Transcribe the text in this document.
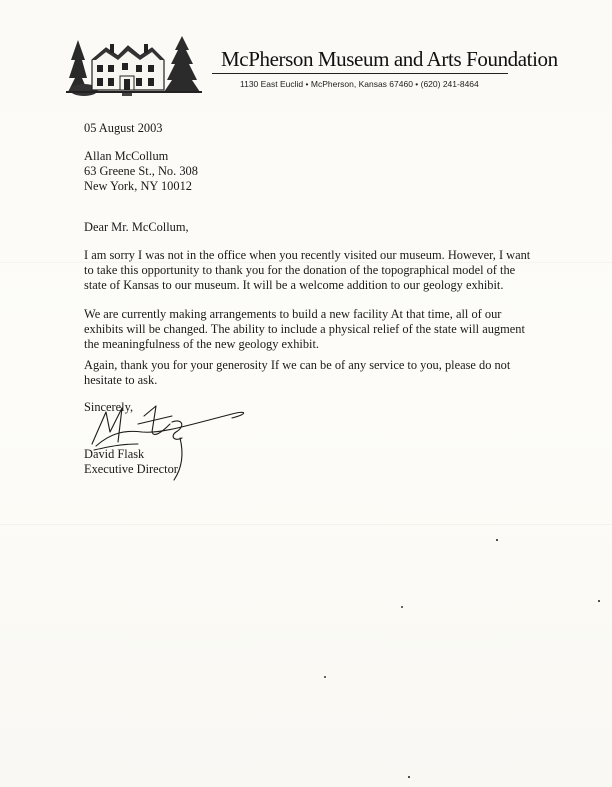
McPherson Museum and Arts Foundation
1130 East Euclid • McPherson, Kansas 67460 • (620) 241-8464
05 August 2003
Allan McCollum
63 Greene St., No. 308
New York, NY 10012
Dear Mr. McCollum,
I am sorry I was not in the office when you recently visited our museum. However, I want
to take this opportunity to thank you for the donation of the topographical model of the
state of Kansas to our museum. It will be a welcome addition to our geology exhibit.
We are currently making arrangements to build a new facility At that time, all of our
exhibits will be changed. The ability to include a physical relief of the state will augment
the meaningfulness of the new geology exhibit.
Again, thank you for your generosity If we can be of any service to you, please do not
hesitate to ask.
Sincerely,
David Flask
Executive Director
